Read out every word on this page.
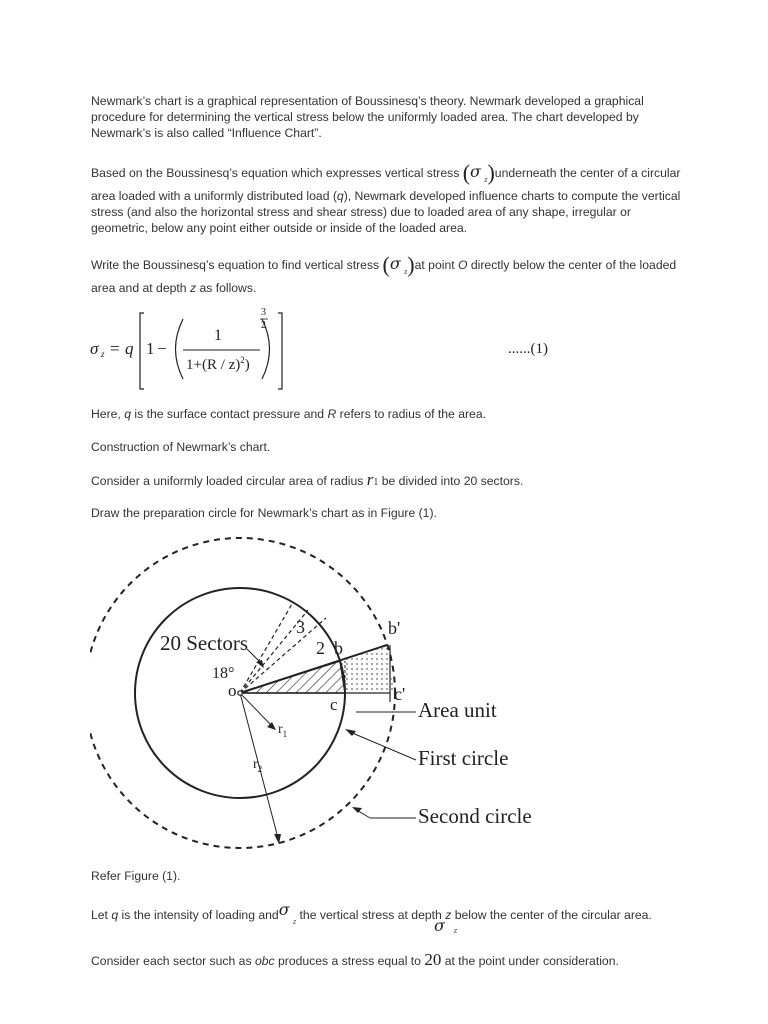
Newmark’s chart is a graphical representation of Boussinesq’s theory. Newmark developed a graphical procedure for determining the vertical stress below the uniformly loaded area. The chart developed by Newmark’s is also called “Influence Chart”.

Based on the Boussinesq’s equation which expresses vertical stress (σ $_z$)underneath the center of a circular area loaded with a uniformly distributed load (q), Newmark developed influence charts to compute the vertical stress (and also the horizontal stress and shear stress) due to loaded area of any shape, irregular or geometric, below any point either outside or inside of the loaded area.

Write the Boussinesq’s equation to find vertical stress (σ $_z$)at point O directly below the center of the loaded area and at depth z as follows.

σ z = q 1 −
1
1+(R / z)$^2$)
3
2
......(1)

Here, q is the surface contact pressure and R refers to radius of the area.

Construction of Newmark’s chart.

Consider a uniformly loaded circular area of radius r1 be divided into 20 sectors.

Draw the preparation circle for Newmark’s chart as in Figure (1).

20 Sectors
18°
3
2 b
b'
c
c'
o
$r_1$
$r_2$
Area unit
First circle
Second circle

Refer Figure (1).

Let q is the intensity of loading andσ $_z$ the vertical stress at depth z below the center of the circular area.

σ z

Consider each sector such as obc produces a stress equal to 20 at the point under consideration.
